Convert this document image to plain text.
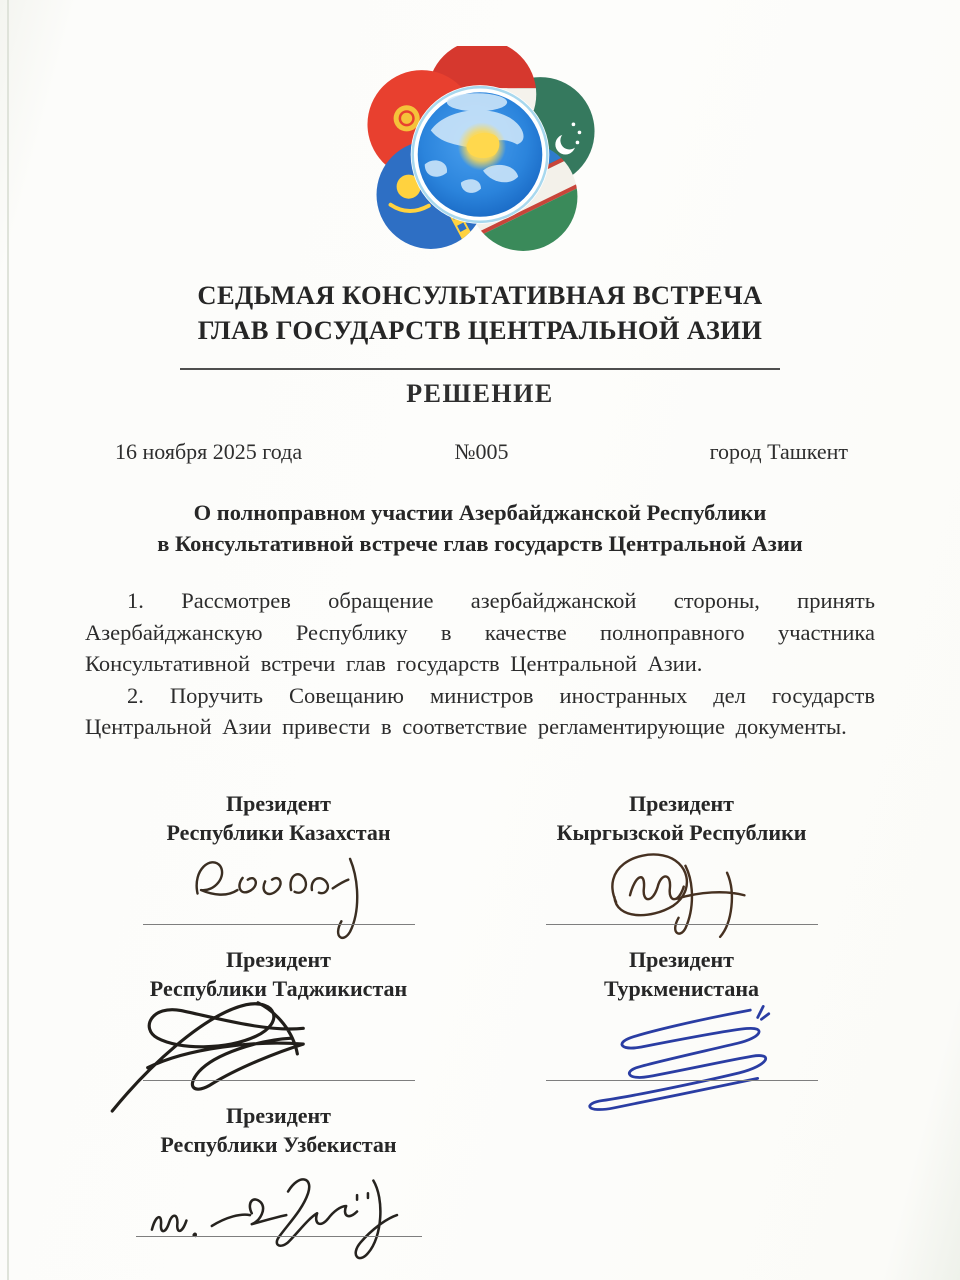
СЕДЬМАЯ КОНСУЛЬТАТИВНАЯ ВСТРЕЧА
ГЛАВ ГОСУДАРСТВ ЦЕНТРАЛЬНОЙ АЗИИ
РЕШЕНИЕ
16 ноября 2025 года	№005	город Ташкент
О полноправном участии Азербайджанской Республики
в Консультативной встрече глав государств Центральной Азии

1. Рассмотрев обращение азербайджанской стороны, принять Азербайджанскую Республику в качестве полноправного участника Консультативной встречи глав государств Центральной Азии.

2. Поручить Совещанию министров иностранных дел государств Центральной Азии привести в соответствие регламентирующие документы.

Президент
Республики Казахстан
Президент
Кыргызской Республики
Президент
Республики Таджикистан
Президент
Туркменистана
Президент
Республики Узбекистан
